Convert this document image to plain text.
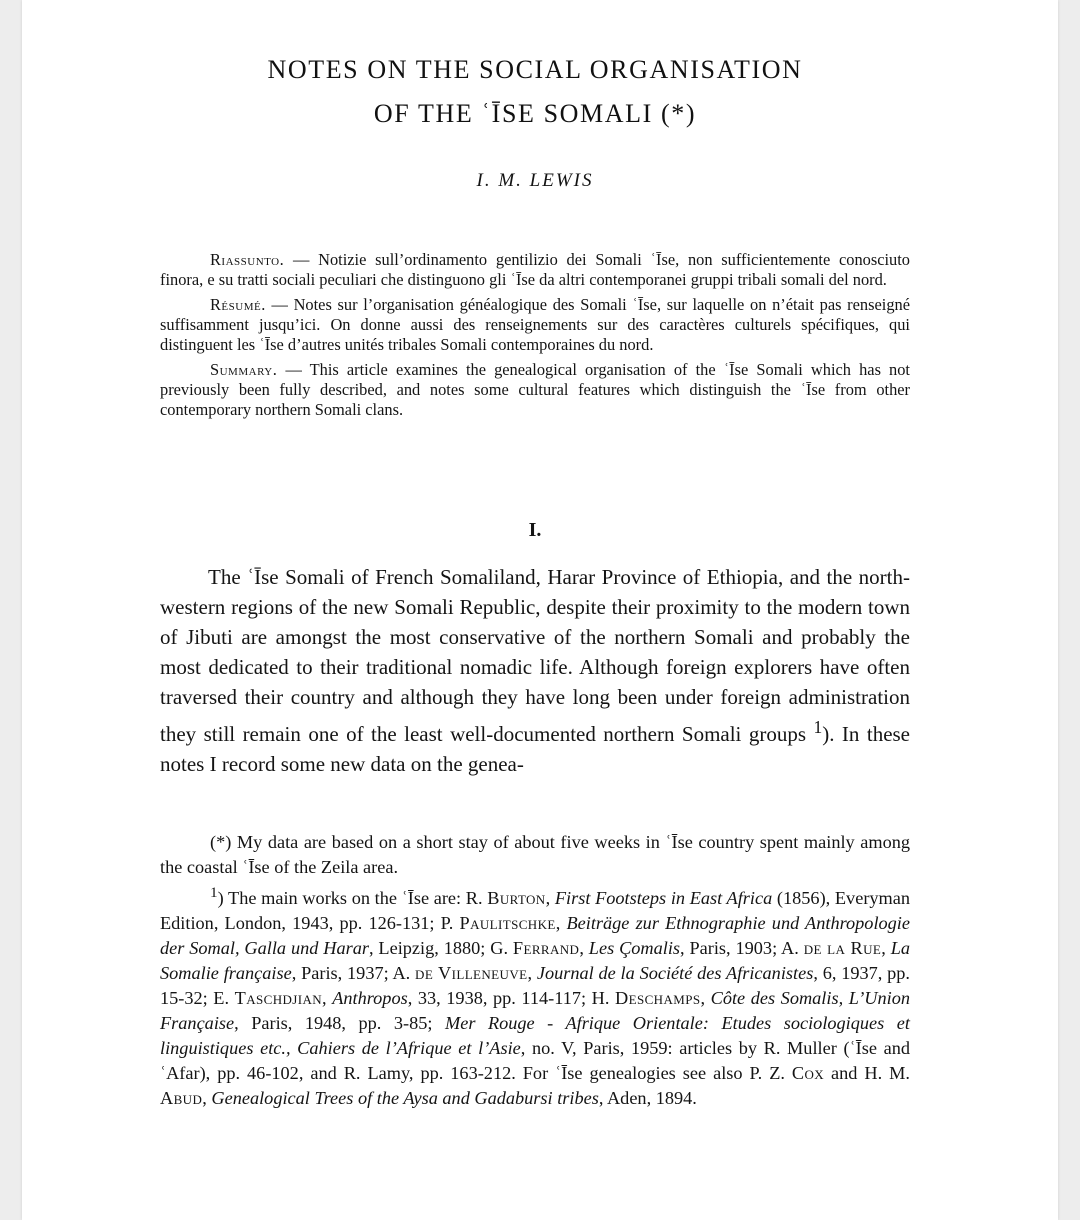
NOTES ON THE SOCIAL ORGANISATION
OF THE ʿĪSE SOMALI (*)
I. M. LEWIS

Riassunto. — Notizie sull’ordinamento gentilizio dei Somali ʿĪse, non sufficientemente conosciuto finora, e su tratti sociali peculiari che distinguono gli ʿĪse da altri contemporanei gruppi tribali somali del nord.

Résumé. — Notes sur l’organisation généalogique des Somali ʿĪse, sur laquelle on n’était pas renseigné suffisamment jusqu’ici. On donne aussi des renseignements sur des caractères culturels spécifiques, qui distinguent les ʿĪse d’autres unités tribales Somali contemporaines du nord.

Summary. — This article examines the genealogical organisation of the ʿĪse Somali which has not previously been fully described, and notes some cultural features which distinguish the ʿĪse from other contemporary northern Somali clans.

I.

The ʿĪse Somali of French Somaliland, Harar Province of Ethiopia, and the north-western regions of the new Somali Republic, despite their proximity to the modern town of Jibuti are amongst the most conservative of the northern Somali and probably the most dedicated to their traditional nomadic life. Although foreign explorers have often traversed their country and although they have long been under foreign administration they still remain one of the least well-documented northern Somali groups $^1$). In these notes I record some new data on the genea-

(*) My data are based on a short stay of about five weeks in ʿĪse country spent mainly among the coastal ʿĪse of the Zeila area.

$^1$) The main works on the ʿĪse are: R. Burton, First Footsteps in East Africa (1856), Everyman Edition, London, 1943, pp. 126-131; P. Paulitschke, Beiträge zur Ethnographie und Anthropologie der Somal, Galla und Harar, Leipzig, 1880; G. Ferrand, Les Çomalis, Paris, 1903; A. de la Rue, La Somalie française, Paris, 1937; A. de Villeneuve, Journal de la Société des Africanistes, 6, 1937, pp. 15-32; E. Taschdjian, Anthropos, 33, 1938, pp. 114-117; H. Deschamps, Côte des Somalis, L’Union Française, Paris, 1948, pp. 3-85; Mer Rouge - Afrique Orientale: Etudes sociologiques et linguistiques etc., Cahiers de l’Afrique et l’Asie, no. V, Paris, 1959: articles by R. Muller (ʿĪse and ʿAfar), pp. 46-102, and R. Lamy, pp. 163-212. For ʿĪse genealogies see also P. Z. Cox and H. M. Abud, Genealogical Trees of the Aysa and Gadabursi tribes, Aden, 1894.
